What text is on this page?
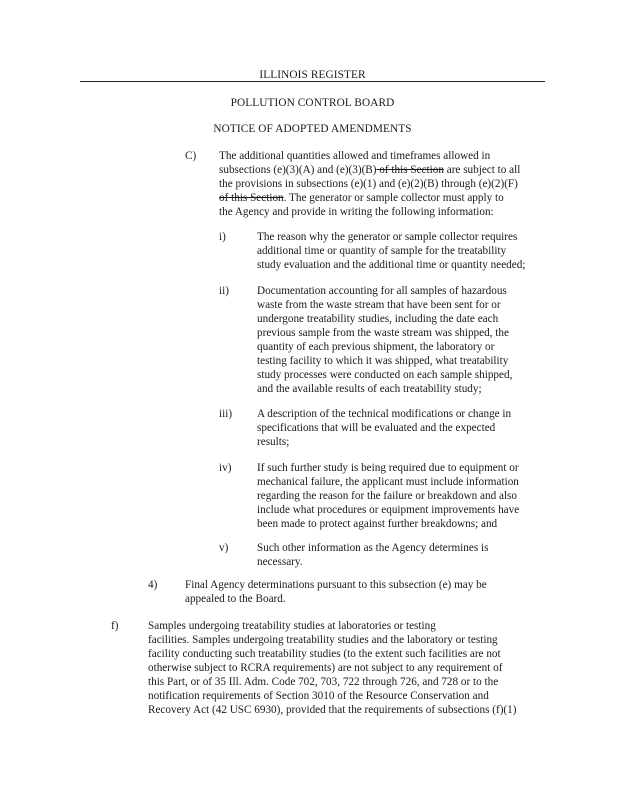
ILLINOIS REGISTER
POLLUTION CONTROL BOARD
NOTICE OF ADOPTED AMENDMENTS
C) The additional quantities allowed and timeframes allowed in
subsections (e)(3)(A) and (e)(3)(B) of this Section are subject to all
the provisions in subsections (e)(1) and (e)(2)(B) through (e)(2)(F)
of this Section. The generator or sample collector must apply to
the Agency and provide in writing the following information:
i)	The reason why the generator or sample collector requires
additional time or quantity of sample for the treatability
study evaluation and the additional time or quantity needed;
ii)	Documentation accounting for all samples of hazardous
waste from the waste stream that have been sent for or
undergone treatability studies, including the date each
previous sample from the waste stream was shipped, the
quantity of each previous shipment, the laboratory or
testing facility to which it was shipped, what treatability
study processes were conducted on each sample shipped,
and the available results of each treatability study;
iii) A description of the technical modifications or change in
specifications that will be evaluated and the expected
results;
iv) If such further study is being required due to equipment or
mechanical failure, the applicant must include information
regarding the reason for the failure or breakdown and also
include what procedures or equipment improvements have
been made to protect against further breakdowns; and
v)	Such other information as the Agency determines is
necessary.
4) Final Agency determinations pursuant to this subsection (e) may be
appealed to the Board.
f)	Samples undergoing treatability studies at laboratories or testing
facilities. Samples undergoing treatability studies and the laboratory or testing
facility conducting such treatability studies (to the extent such facilities are not
otherwise subject to RCRA requirements) are not subject to any requirement of
this Part, or of 35 Ill. Adm. Code 702, 703, 722 through 726, and 728 or to the
notification requirements of Section 3010 of the Resource Conservation and
Recovery Act (42 USC 6930), provided that the requirements of subsections (f)(1)
